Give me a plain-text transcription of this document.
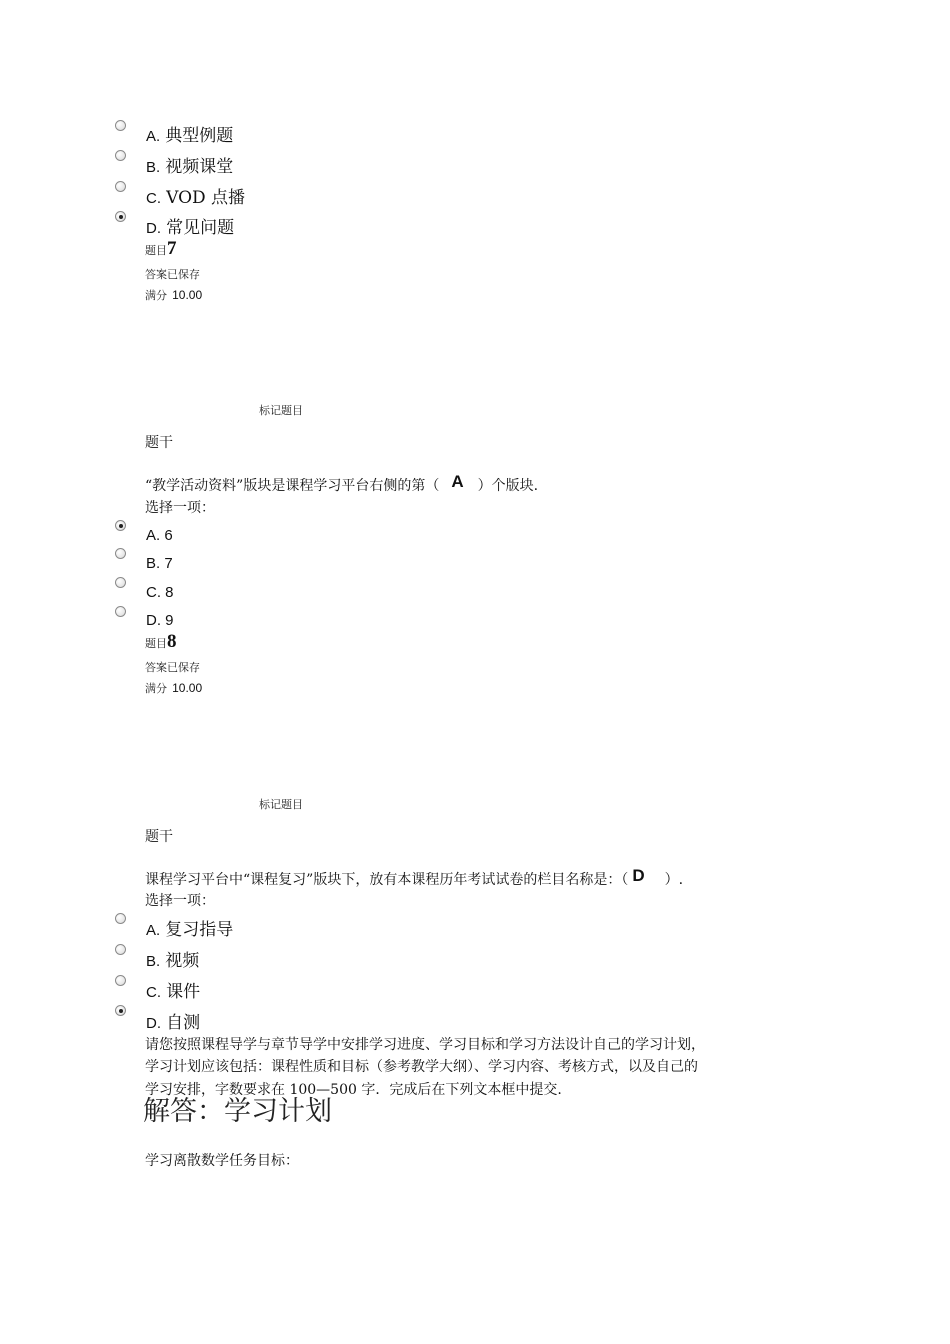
A. 典型例题
B. 视频课堂
C. VOD 点播
D. 常见问题
题目7
答案已保存
满分 10.00
标记题目
题干
“教学活动资料”版块是课程学习平台右侧的第（ A ）个版块.
选择一项：
A. 6
B. 7
C. 8
D. 9
题目8
答案已保存
满分 10.00
标记题目
题干
课程学习平台中“课程复习”版块下，放有本课程历年考试试卷的栏目名称是：（ D ）.
选择一项：
A. 复习指导
B. 视频
C. 课件
D. 自测
请您按照课程导学与章节导学中安排学习进度、学习目标和学习方法设计自己的学习计划，
学习计划应该包括：课程性质和目标（参考教学大纲）、学习内容、考核方式，以及自己的
学习安排，字数要求在 100—500 字．完成后在下列文本框中提交.
解答：学习计划
学习离散数学任务目标：
